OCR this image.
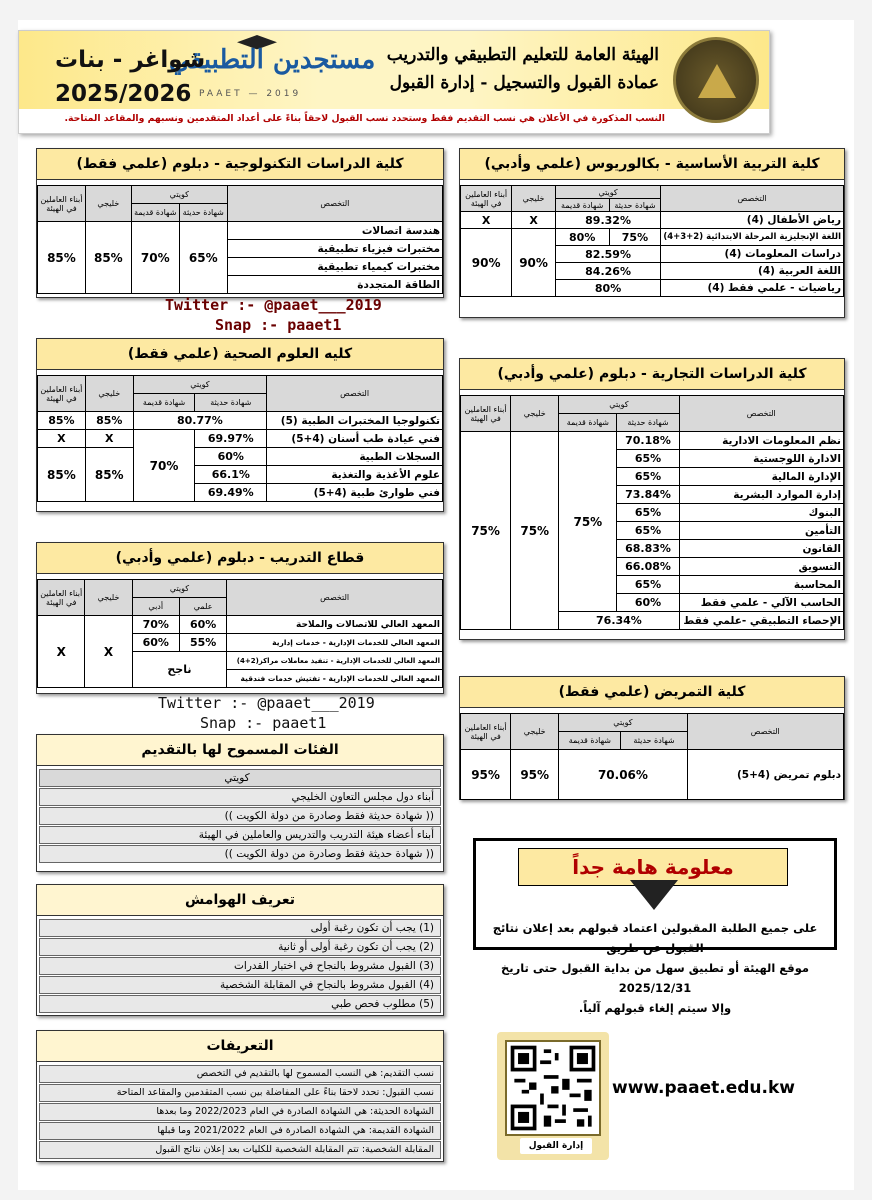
الهيئة العامة للتعليم التطبيقي والتدريب
عمادة القبول والتسجيل - إدارة القبول
مستجدين التطبيقي
PAAET — 2019
شواغر - بنات
2025/2026
النسب المذكورة في الأعلان هي نسب التقديم فقط وستحدد نسب القبول لاحقاً بناءً على أعداد المتقدمين ونسبهم والمقاعد المتاحة.
كلية التربية الأساسية - بكالوريوس (علمي وأدبي)
التخصص	كويتي		خليجي	أبناء العاملين في الهيئة
	شهادة حديثة	شهادة قديمة		
رياض الأطفال (4)	89.32%		X	X
اللغة الإنجليزية المرحلة الابتدائية (2+3+4)	75%	80%	90%	90%
دراسات المعلومات (4)	82.59%			
اللغة العربية (4)	84.26%			
رياضيات - علمي فقط (4)	80%			
كلية الدراسات التكنولوجية - دبلوم (علمي فقط)
التخصص	كويتي		خليجي	أبناء العاملين في الهيئة
	شهادة حديثة	شهادة قديمة		
هندسة اتصالات	65%	70%	85%	85%
مختبرات فيزياء تطبيقية				
مختبرات كيمياء تطبيقية				
الطاقة المتجددة				
Twitter :- @paaet___2019
Snap :- paaet1
كليه العلوم الصحية (علمي فقط)
التخصص	كويتي		خليجي	أبناء العاملين في الهيئة
	شهادة حديثة	شهادة قديمة		
تكنولوجيا المختبرات الطبية (5)	80.77%		85%	85%
فني عيادة طب أسنان (4+5)	69.97%	70%	X	X
السجلات الطبية	60%		85%	85%
علوم الأغذية والتغذية	66.1%			
فني طوارئ طبية (4+5)	69.49%			
كلية الدراسات التجارية - دبلوم (علمي وأدبي)
التخصص	كويتي		خليجي	أبناء العاملين في الهيئة
	شهادة حديثة	شهادة قديمة		
نظم المعلومات الادارية	70.18%	75%	75%	75%
الادارة اللوجستية	65%			
الإدارة المالية	65%			
إدارة الموارد البشرية	73.84%			
البنوك	65%			
التأمين	65%			
القانون	68.83%			
التسويق	66.08%			
المحاسبة	65%			
الحاسب الآلي - علمي فقط	60%			
الإحصاء التطبيقي -علمي فقط	76.34%			
قطاع التدريب - دبلوم (علمي وأدبي)
التخصص	كويتي		خليجي	أبناء العاملين في الهيئة
	علمي	أدبي		
المعهد العالي للاتصالات والملاحة	60%	70%	X	X
المعهد العالي للخدمات الإدارية - خدمات إدارية	55%	60%		
المعهد العالي للخدمات الإدارية - تنفيذ معاملات مراكز(2+4)	ناجح			
المعهد العالي للخدمات الإدارية - تفتيش خدمات فندقية				
Twitter :- @paaet___2019
Snap :- paaet1
كلية التمريض (علمي فقط)
التخصص	كويتي		خليجي	أبناء العاملين في الهيئة
	شهادة حديثة	شهادة قديمة		
دبلوم تمريض (4+5)	70.06%		95%	95%
الفئات المسموح لها بالتقديم
كويتي
أبناء دول مجلس التعاون الخليجي
(( شهادة حديثة فقط وصادرة من دولة الكويت ))
أبناء أعضاء هيئة التدريب والتدريس والعاملين في الهيئة
(( شهادة حديثة فقط وصادرة من دولة الكويت ))
تعريف الهوامش
(1) يجب أن تكون رغبة أولى
(2) يجب أن تكون رغبة أولى أو ثانية
(3) القبول مشروط بالنجاح في اختبار القدرات
(4) القبول مشروط بالنجاح في المقابلة الشخصية
(5) مطلوب فحص طبي
التعريفات
نسب التقديم: هي النسب المسموح لها بالتقديم في التخصص
نسب القبول: تحدد لاحقا بناءً على المفاضلة بين نسب المتقدمين والمقاعد المتاحة
الشهادة الحديثة: هي الشهادة الصادرة في العام 2022/2023 وما بعدها
الشهادة القديمة: هي الشهادة الصادرة في العام 2021/2022 وما قبلها
المقابلة الشخصية: تتم المقابلة الشخصية للكليات بعد إعلان نتائج القبول
معلومة هامة جداً
على جميع الطلبة المقبولين اعتماد قبولهم بعد إعلان نتائج القبول عن طريق
موقع الهيئة أو تطبيق سهل من بداية القبول حتى تاريخ 2025/12/31
وإلا سيتم إلغاء قبولهم آلياً.
إدارة القبول
www.paaet.edu.kw
